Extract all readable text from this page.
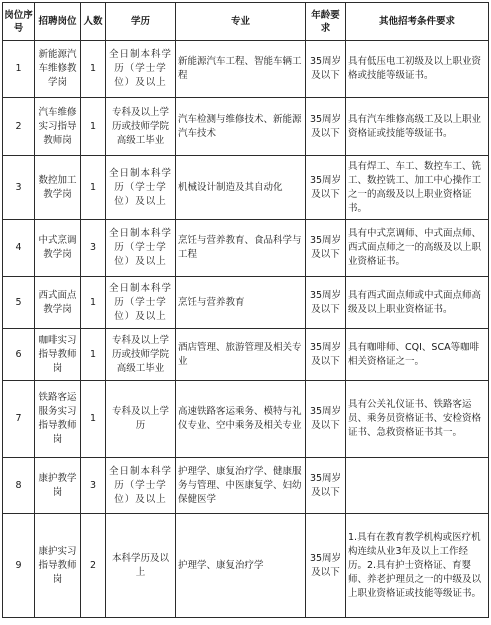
岗位序号	招聘岗位	人数	学历	专业	年龄要求	其他招考条件要求
1	新能源汽车维修教学岗	1	全日制本科学历（学士学位）及以上	新能源汽车工程、智能车辆工程	35周岁及以下	具有低压电工初级及以上职业资格或技能等级证书。
2	汽车维修实习指导教师岗	1	专科及以上学历或技师学院高级工毕业	汽车检测与维修技术、新能源汽车技术	35周岁及以下	具有汽车维修高级工及以上职业资格证或技能等级证书。
3	数控加工教学岗	1	全日制本科学历（学士学位）及以上	机械设计制造及其自动化	35周岁及以下	具有焊工、车工、数控车工、铣工、数控铣工、加工中心操作工之一的高级及以上职业资格证书。
4	中式烹调教学岗	3	全日制本科学历（学士学位）及以上	烹饪与营养教育、食品科学与工程	35周岁及以下	具有中式烹调师、中式面点师、西式面点师之一的高级及以上职业资格证书。
5	西式面点教学岗	1	全日制本科学历（学士学位）及以上	烹饪与营养教育	35周岁及以下	具有西式面点师或中式面点师高级及以上职业资格证书。
6	咖啡实习指导教师岗	1	专科及以上学历或技师学院高级工毕业	酒店管理、旅游管理及相关专业	35周岁及以下	具有咖啡师、CQI、SCA等咖啡相关资格证之一。
7	铁路客运服务实习指导教师岗	1	专科及以上学历	高速铁路客运乘务、模特与礼仪专业、空中乘务及相关专业	35周岁及以下	具有公关礼仪证书、铁路客运员、乘务员资格证书、安检资格证书、急救资格证书其一。
8	康护教学岗	3	全日制本科学历（学士学位）及以上	护理学、康复治疗学、健康服务与管理、中医康复学、妇幼保健医学	35周岁及以下	
9	康护实习指导教师岗	2	本科学历及以上	护理学、康复治疗学	35周岁及以下	1.具有在教育教学机构或医疗机构连续从业3年及以上工作经历。2.具有护士资格证、育婴师、养老护理员之一的中级及以上职业资格证或技能等级证书。
